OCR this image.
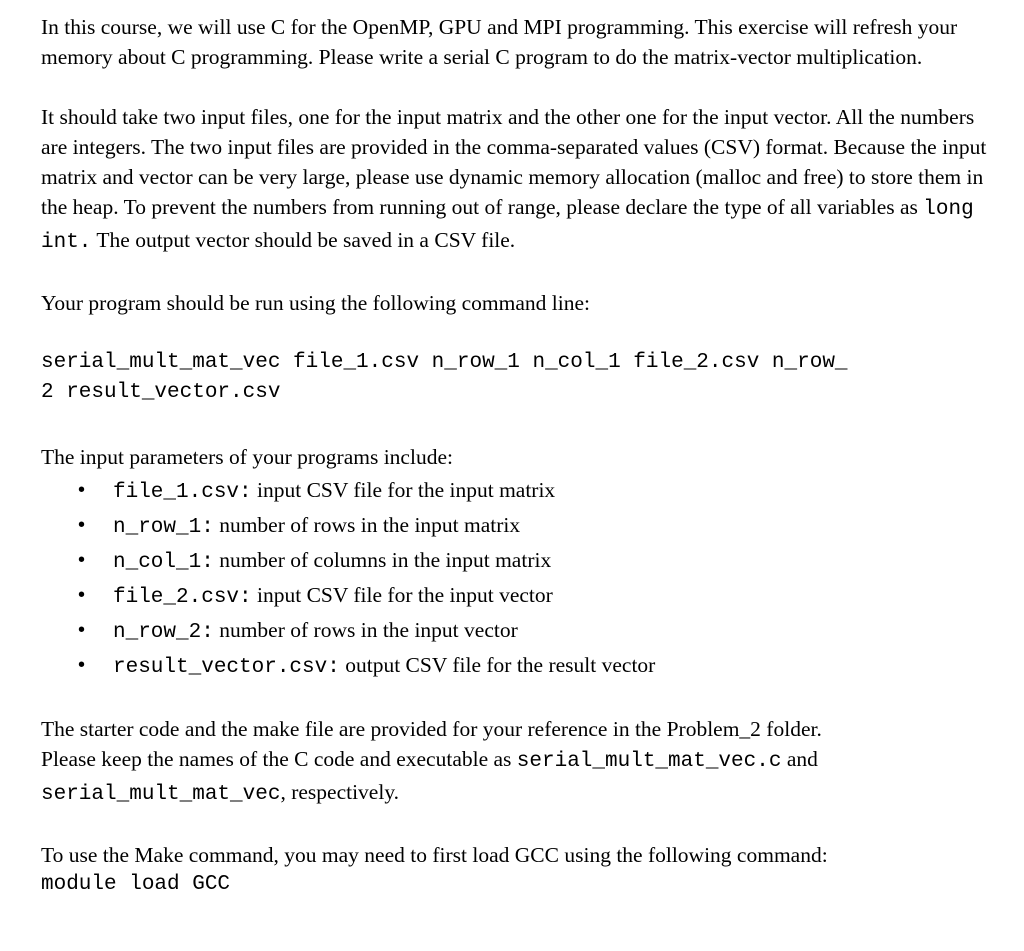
In this course, we will use C for the OpenMP, GPU and MPI programming. This exercise will refresh your memory about C programming. Please write a serial C program to do the matrix-vector multiplication.

It should take two input files, one for the input matrix and the other one for the input vector. All the numbers are integers. The two input files are provided in the comma-separated values (CSV) format. Because the input matrix and vector can be very large, please use dynamic memory allocation (malloc and free) to store them in the heap. To prevent the numbers from running out of range, please declare the type of all variables as long int. The output vector should be saved in a CSV file.

Your program should be run using the following command line:

serial_mult_mat_vec file_1.csv n_row_1 n_col_1 file_2.csv n_row_
2 result_vector.csv

The input parameters of your programs include:

• file_1.csv: input CSV file for the input matrix
• n_row_1: number of rows in the input matrix
• n_col_1: number of columns in the input matrix
• file_2.csv: input CSV file for the input vector
• n_row_2: number of rows in the input vector
• result_vector.csv: output CSV file for the result vector
The starter code and the make file are provided for your reference in the Problem_2 folder.
Please keep the names of the C code and executable as serial_mult_mat_vec.c and
serial_mult_mat_vec, respectively.
To use the Make command, you may need to first load GCC using the following command:
module load GCC
